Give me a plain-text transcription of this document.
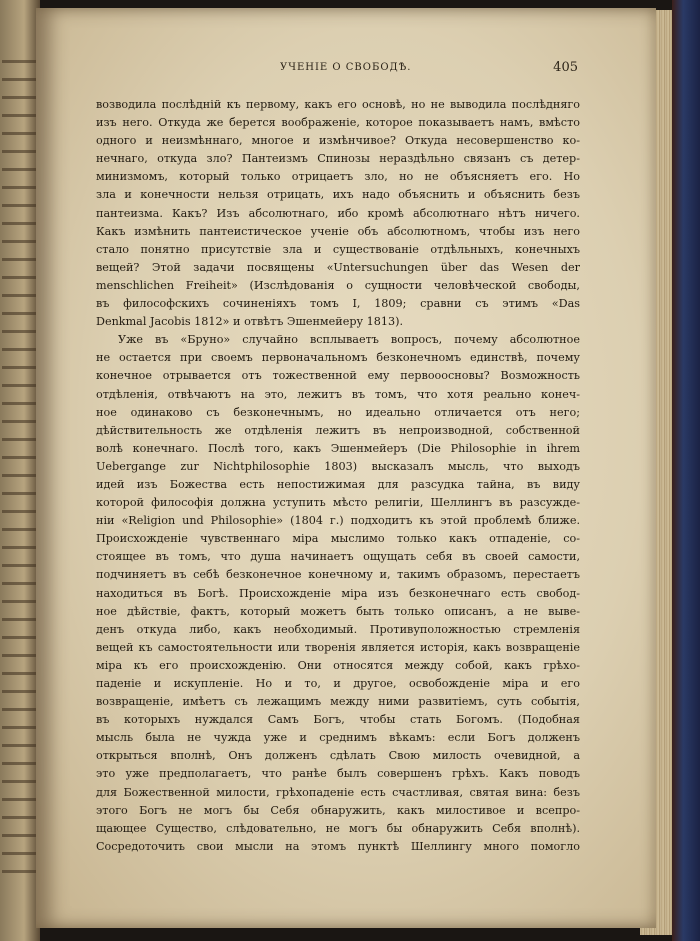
УЧЕНІЕ О СВОБОДѢ.	405
возводила послѣдній къ первому, какъ его основѣ, но не выводила послѣдняго
изъ него. Откуда же берется воображеніе, которое показываетъ намъ, вмѣсто
одного и неизмѣннаго, многое и измѣнчивое? Откуда несовершенство ко-
нечнаго, откуда зло? Пантеизмъ Спинозы нераздѣльно связанъ съ детер-
минизмомъ, который только отрицаетъ зло, но не объясняетъ его. Но
зла и конечности нельзя отрицать, ихъ надо объяснить и объяснить безъ
пантеизма. Какъ? Изъ абсолютнаго, ибо кромѣ абсолютнаго нѣтъ ничего.
Какъ измѣнить пантеистическое ученіе объ абсолютномъ, чтобы изъ него
стало понятно присутствіе зла и существованіе отдѣльныхъ, конечныхъ
вещей? Этой задачи посвящены «Untersuchungen über das Wesen der
menschlichen Freiheit» (Изслѣдованія о сущности человѣческой свободы,
въ философскихъ сочиненіяхъ томъ I, 1809; сравни съ этимъ «Das
Denkmal Jacobis 1812» и отвѣтъ Эшенмейеру 1813).
Уже въ «Бруно» случайно всплываетъ вопросъ, почему абсолютное
не остается при своемъ первоначальномъ безконечномъ единствѣ, почему
конечное отрывается отъ тожественной ему первооосновы? Возможность
отдѣленія, отвѣчаютъ на это, лежитъ въ томъ, что хотя реально конеч-
ное одинаково съ безконечнымъ, но идеально отличается отъ него;
дѣйствительность же отдѣленія лежитъ въ непроизводной, собственной
волѣ конечнаго. Послѣ того, какъ Эшенмейеръ (Die Philosophie in ihrem
Uebergange zur Nichtphilosophie 1803) высказалъ мысль, что выходъ
идей изъ Божества есть непостижимая для разсудка тайна, въ виду
которой философія должна уступить мѣсто религіи, Шеллингъ въ разсужде-
ніи «Religion und Philosophie» (1804 г.) подходитъ къ этой проблемѣ ближе.
Происхожденіе чувственнаго міра мыслимо только какъ отпаденіе, со-
стоящее въ томъ, что душа начинаетъ ощущать себя въ своей самости,
подчиняетъ въ себѣ безконечное конечному и, такимъ образомъ, перестаетъ
находиться въ Богѣ. Происхожденіе міра изъ безконечнаго есть свобод-
ное дѣйствіе, фактъ, который можетъ быть только описанъ, а не выве-
денъ откуда либо, какъ необходимый. Противуположностью стремленія
вещей къ самостоятельности или творенія является исторія, какъ возвращеніе
міра къ его происхожденію. Они относятся между собой, какъ грѣхо-
паденіе и искупленіе. Но и то, и другое, освобожденіе міра и его
возвращеніе, имѣетъ съ лежащимъ между ними развитіемъ, суть событія,
въ которыхъ нуждался Самъ Богъ, чтобы стать Богомъ. (Подобная
мысль была не чужда уже и среднимъ вѣкамъ: если Богъ долженъ
открыться вполнѣ, Онъ долженъ сдѣлать Свою милость очевидной, а
это уже предполагаетъ, что ранѣе былъ совершенъ грѣхъ. Какъ поводъ
для Божественной милости, грѣхопаденіе есть счастливая, святая вина: безъ
этого Богъ не могъ бы Себя обнаружить, какъ милостивое и всепро-
щающее Существо, слѣдовательно, не могъ бы обнаружить Себя вполнѣ).
Сосредоточить свои мысли на этомъ пунктѣ Шеллингу много помогло
